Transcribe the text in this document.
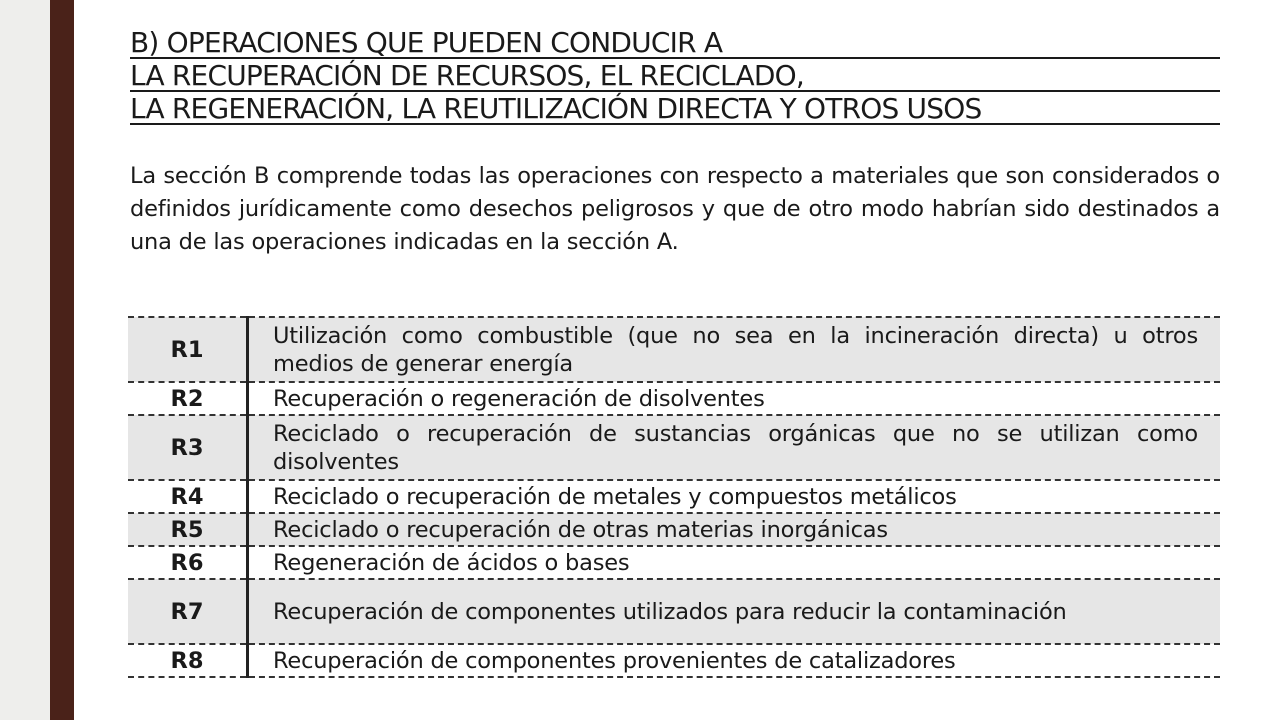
B) OPERACIONES QUE PUEDEN CONDUCIR A
LA RECUPERACIÓN DE RECURSOS, EL RECICLADO,
LA REGENERACIÓN, LA REUTILIZACIÓN DIRECTA Y OTROS USOS

La sección B comprende todas las operaciones con respecto a materiales que son considerados o definidos jurídicamente como desechos peligrosos y que de otro modo habrían sido destinados a una de las operaciones indicadas en la sección A.

R1	Utilización como combustible (que no sea en la incineración directa) u otros medios de generar energía
R2	Recuperación o regeneración de disolventes
R3	Reciclado o recuperación de sustancias orgánicas que no se utilizan como disolventes
R4	Reciclado o recuperación de metales y compuestos metálicos
R5	Reciclado o recuperación de otras materias inorgánicas
R6	Regeneración de ácidos o bases
R7	Recuperación de componentes utilizados para reducir la contaminación
R8	Recuperación de componentes provenientes de catalizadores
